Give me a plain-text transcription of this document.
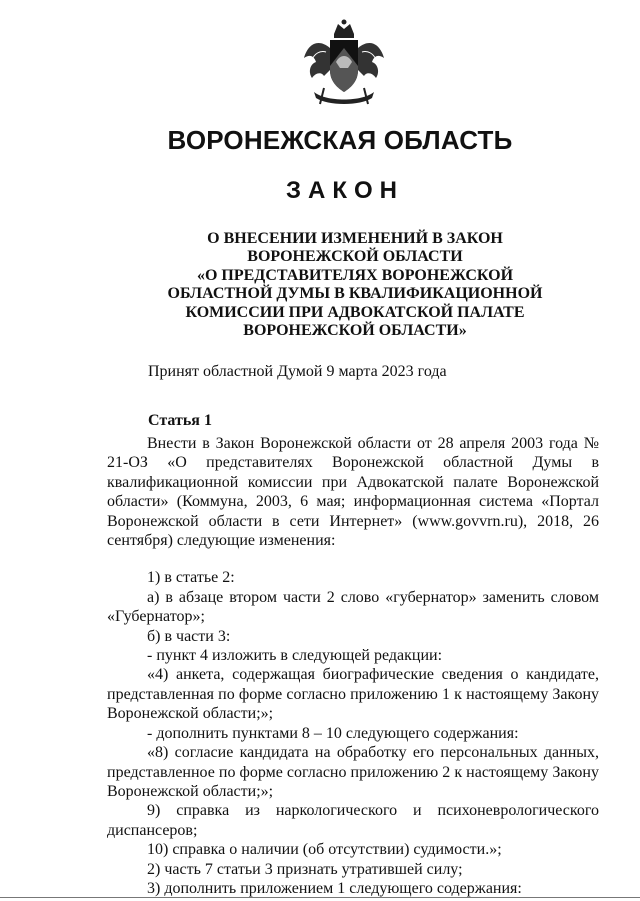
ВОРОНЕЖСКАЯ ОБЛАСТЬ
ЗАКОН
О ВНЕСЕНИИ ИЗМЕНЕНИЙ В ЗАКОН
ВОРОНЕЖСКОЙ ОБЛАСТИ
«О ПРЕДСТАВИТЕЛЯХ ВОРОНЕЖСКОЙ
ОБЛАСТНОЙ ДУМЫ В КВАЛИФИКАЦИОННОЙ
КОМИССИИ ПРИ АДВОКАТСКОЙ ПАЛАТЕ
ВОРОНЕЖСКОЙ ОБЛАСТИ»

Принят областной Думой 9 марта 2023 года

Статья 1

Внести в Закон Воронежской области от 28 апреля 2003 года № 21-ОЗ «О представителях Воронежской областной Думы в квалификационной комиссии при Адвокатской палате Воронежской области» (Коммуна, 2003, 6 мая; информационная система «Портал Воронежской области в сети Интернет» (www.govvrn.ru), 2018, 26 сентября) следующие изменения:

1) в статье 2:

а) в абзаце втором части 2 слово «губернатор» заменить словом «Губернатор»;

б) в части 3:

- пункт 4 изложить в следующей редакции:

«4) анкета, содержащая биографические сведения о кандидате, представленная по форме согласно приложению 1 к настоящему Закону Воронежской области;»;

- дополнить пунктами 8 – 10 следующего содержания:

«8) согласие кандидата на обработку его персональных данных, представленное по форме согласно приложению 2 к настоящему Закону Воронежской области;»;

9) справка из наркологического и психоневрологического диспансеров;

10) справка о наличии (об отсутствии) судимости.»;

2) часть 7 статьи 3 признать утратившей силу;

3) дополнить приложением 1 следующего содержания:
